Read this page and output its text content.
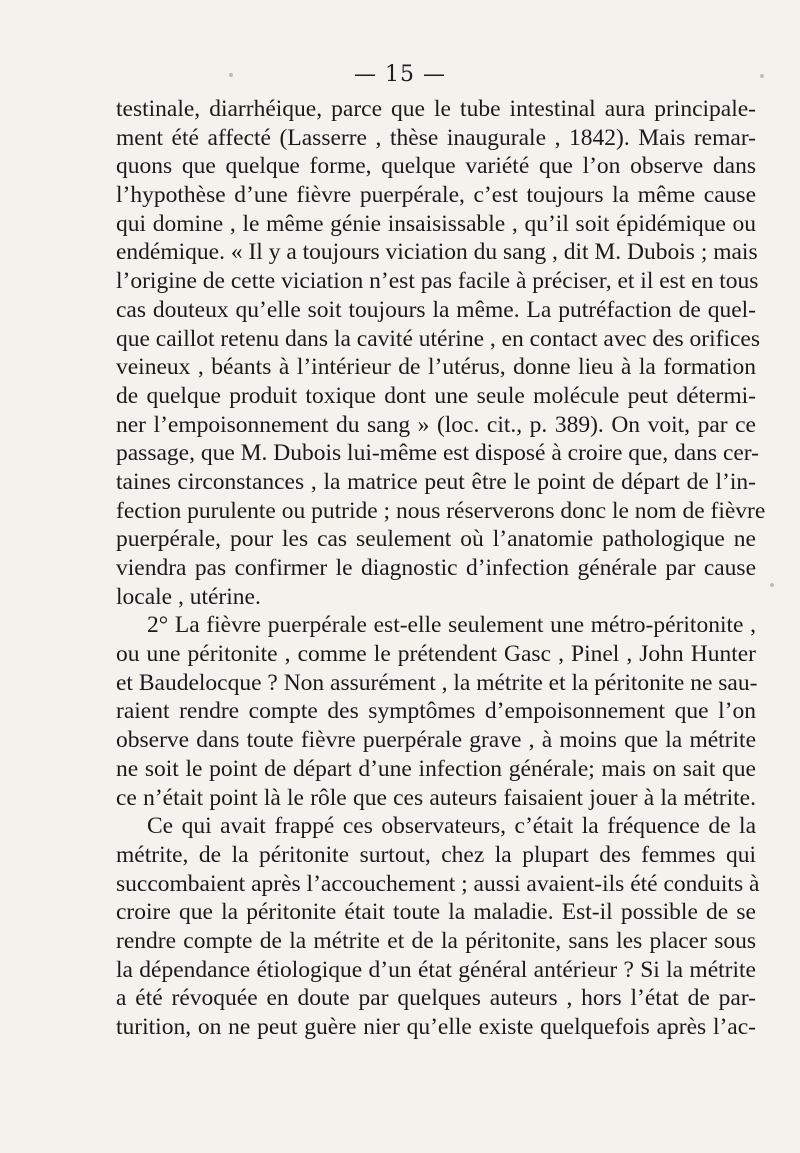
— 15 —
testinale, diarrhéique, parce que le tube intestinal aura principale-
ment été affecté (Lasserre , thèse inaugurale , 1842). Mais remar-
quons que quelque forme, quelque variété que l’on observe dans
l’hypothèse d’une fièvre puerpérale, c’est toujours la même cause
qui domine , le même génie insaisissable , qu’il soit épidémique ou
endémique. « Il y a toujours viciation du sang , dit M. Dubois ; mais
l’origine de cette viciation n’est pas facile à préciser, et il est en tous
cas douteux qu’elle soit toujours la même. La putréfaction de quel-
que caillot retenu dans la cavité utérine , en contact avec des orifices
veineux , béants à l’intérieur de l’utérus, donne lieu à la formation
de quelque produit toxique dont une seule molécule peut détermi-
ner l’empoisonnement du sang » (loc. cit., p. 389). On voit, par ce
passage, que M. Dubois lui-même est disposé à croire que, dans cer-
taines circonstances , la matrice peut être le point de départ de l’in-
fection purulente ou putride ; nous réserverons donc le nom de fièvre
puerpérale, pour les cas seulement où l’anatomie pathologique ne
viendra pas confirmer le diagnostic d’infection générale par cause
locale , utérine.
2° La fièvre puerpérale est-elle seulement une métro-péritonite ,
ou une péritonite , comme le prétendent Gasc , Pinel , John Hunter
et Baudelocque ? Non assurément , la métrite et la péritonite ne sau-
raient rendre compte des symptômes d’empoisonnement que l’on
observe dans toute fièvre puerpérale grave , à moins que la métrite
ne soit le point de départ d’une infection générale; mais on sait que
ce n’était point là le rôle que ces auteurs faisaient jouer à la métrite.
Ce qui avait frappé ces observateurs, c’était la fréquence de la
métrite, de la péritonite surtout, chez la plupart des femmes qui
succombaient après l’accouchement ; aussi avaient-ils été conduits à
croire que la péritonite était toute la maladie. Est-il possible de se
rendre compte de la métrite et de la péritonite, sans les placer sous
la dépendance étiologique d’un état général antérieur ? Si la métrite
a été révoquée en doute par quelques auteurs , hors l’état de par-
turition, on ne peut guère nier qu’elle existe quelquefois après l’ac-
